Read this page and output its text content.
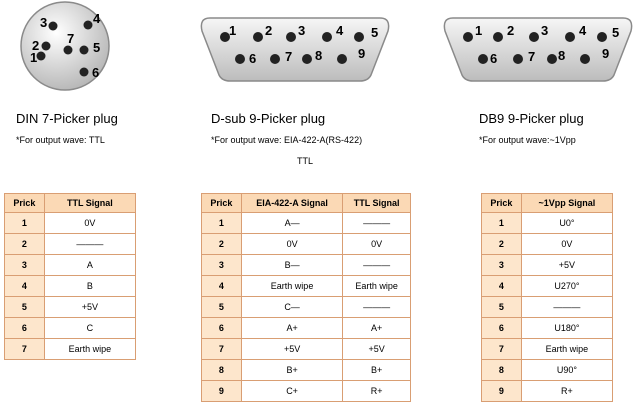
1
2
3	4
5
6
7
1 2 3 4 5
6 7 8	9
1 2 3 4 5
6 7 8	9
DIN 7-Picker plug
*For output wave: TTL
D-sub 9-Picker plug
*For output wave: EIA-422-A(RS-422)
TTL
DB9 9-Picker plug
*For output wave:~1Vpp
Prick	TTL Signal
1	0V
2	———
3	A
4	B
5	+5V
6	C
7	Earth wipe
Prick	EIA-422-A Signal	TTL Signal
1	A—	———
2	0V	0V
3	B—	———
4	Earth wipe	Earth wipe
5	C—	———
6	A+	A+
7	+5V	+5V
8	B+	B+
9	C+	R+
Prick	~1Vpp Signal
1	U0°
2	0V
3	+5V
4	U270°
5	———
6	U180°
7	Earth wipe
8	U90°
9	R+
